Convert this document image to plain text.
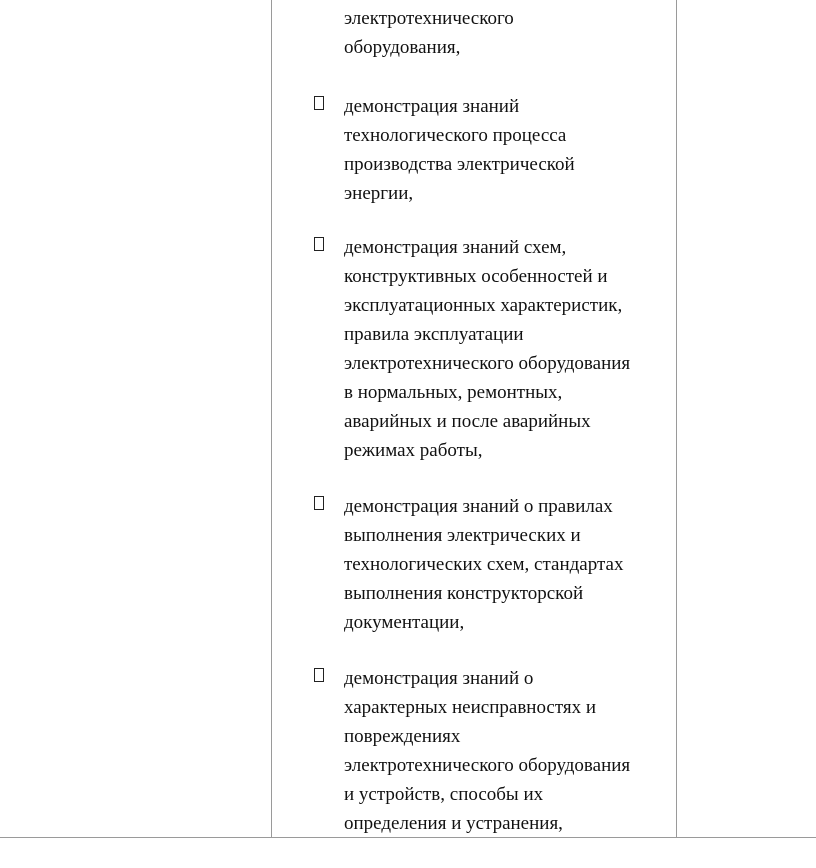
электротехнического
оборудования,
демонстрация знаний
технологического процесса
производства электрической
энергии,
демонстрация знаний схем,
конструктивных особенностей и
эксплуатационных характеристик,
правила эксплуатации
электротехнического оборудования
в нормальных, ремонтных,
аварийных и после аварийных
режимах работы,
демонстрация знаний о правилах
выполнения электрических и
технологических схем, стандартах
выполнения конструкторской
документации,
демонстрация знаний о
характерных неисправностях и
повреждениях
электротехнического оборудования
и устройств, способы их
определения и устранения,
